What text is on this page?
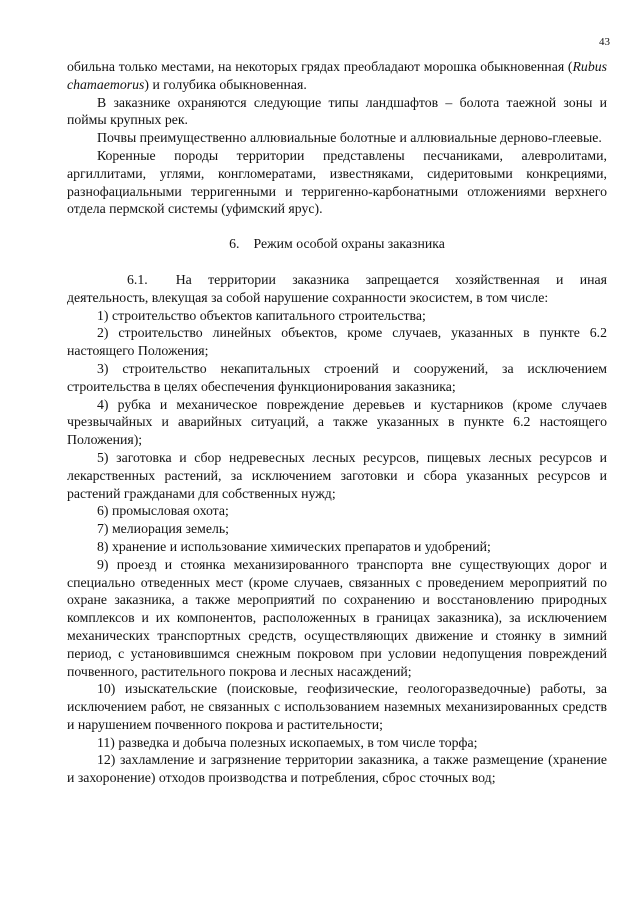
43

обильна только местами, на некоторых грядах преобладают морошка обыкновенная (Rubus chamaemorus) и голубика обыкновенная.

В заказнике охраняются следующие типы ландшафтов – болота таежной зоны и поймы крупных рек.

Почвы преимущественно аллювиальные болотные и аллювиальные дерново-глеевые.

Коренные породы территории представлены песчаниками, алевролитами, аргиллитами, углями, конгломератами, известняками, сидеритовыми конкрециями, разнофациальными терригенными и терригенно-карбонатными отложениями верхнего отдела пермской системы (уфимский ярус).

6. Режим особой охраны заказника

6.1. На территории заказника запрещается хозяйственная и иная деятельность, влекущая за собой нарушение сохранности экосистем, в том числе:

1) строительство объектов капитального строительства;

2) строительство линейных объектов, кроме случаев, указанных в пункте 6.2 настоящего Положения;

3) строительство некапитальных строений и сооружений, за исключением строительства в целях обеспечения функционирования заказника;

4) рубка и механическое повреждение деревьев и кустарников (кроме случаев чрезвычайных и аварийных ситуаций, а также указанных в пункте 6.2 настоящего Положения);

5) заготовка и сбор недревесных лесных ресурсов, пищевых лесных ресурсов и лекарственных растений, за исключением заготовки и сбора указанных ресурсов и растений гражданами для собственных нужд;

6) промысловая охота;

7) мелиорация земель;

8) хранение и использование химических препаратов и удобрений;

9) проезд и стоянка механизированного транспорта вне существующих дорог и специально отведенных мест (кроме случаев, связанных с проведением мероприятий по охране заказника, а также мероприятий по сохранению и восстановлению природных комплексов и их компонентов, расположенных в границах заказника), за исключением механических транспортных средств, осуществляющих движение и стоянку в зимний период, с установившимся снежным покровом при условии недопущения повреждений почвенного, растительного покрова и лесных насаждений;

10) изыскательские (поисковые, геофизические, геологоразведочные) работы, за исключением работ, не связанных с использованием наземных механизированных средств и нарушением почвенного покрова и растительности;

11) разведка и добыча полезных ископаемых, в том числе торфа;

12) захламление и загрязнение территории заказника, а также размещение (хранение и захоронение) отходов производства и потребления, сброс сточных вод;
